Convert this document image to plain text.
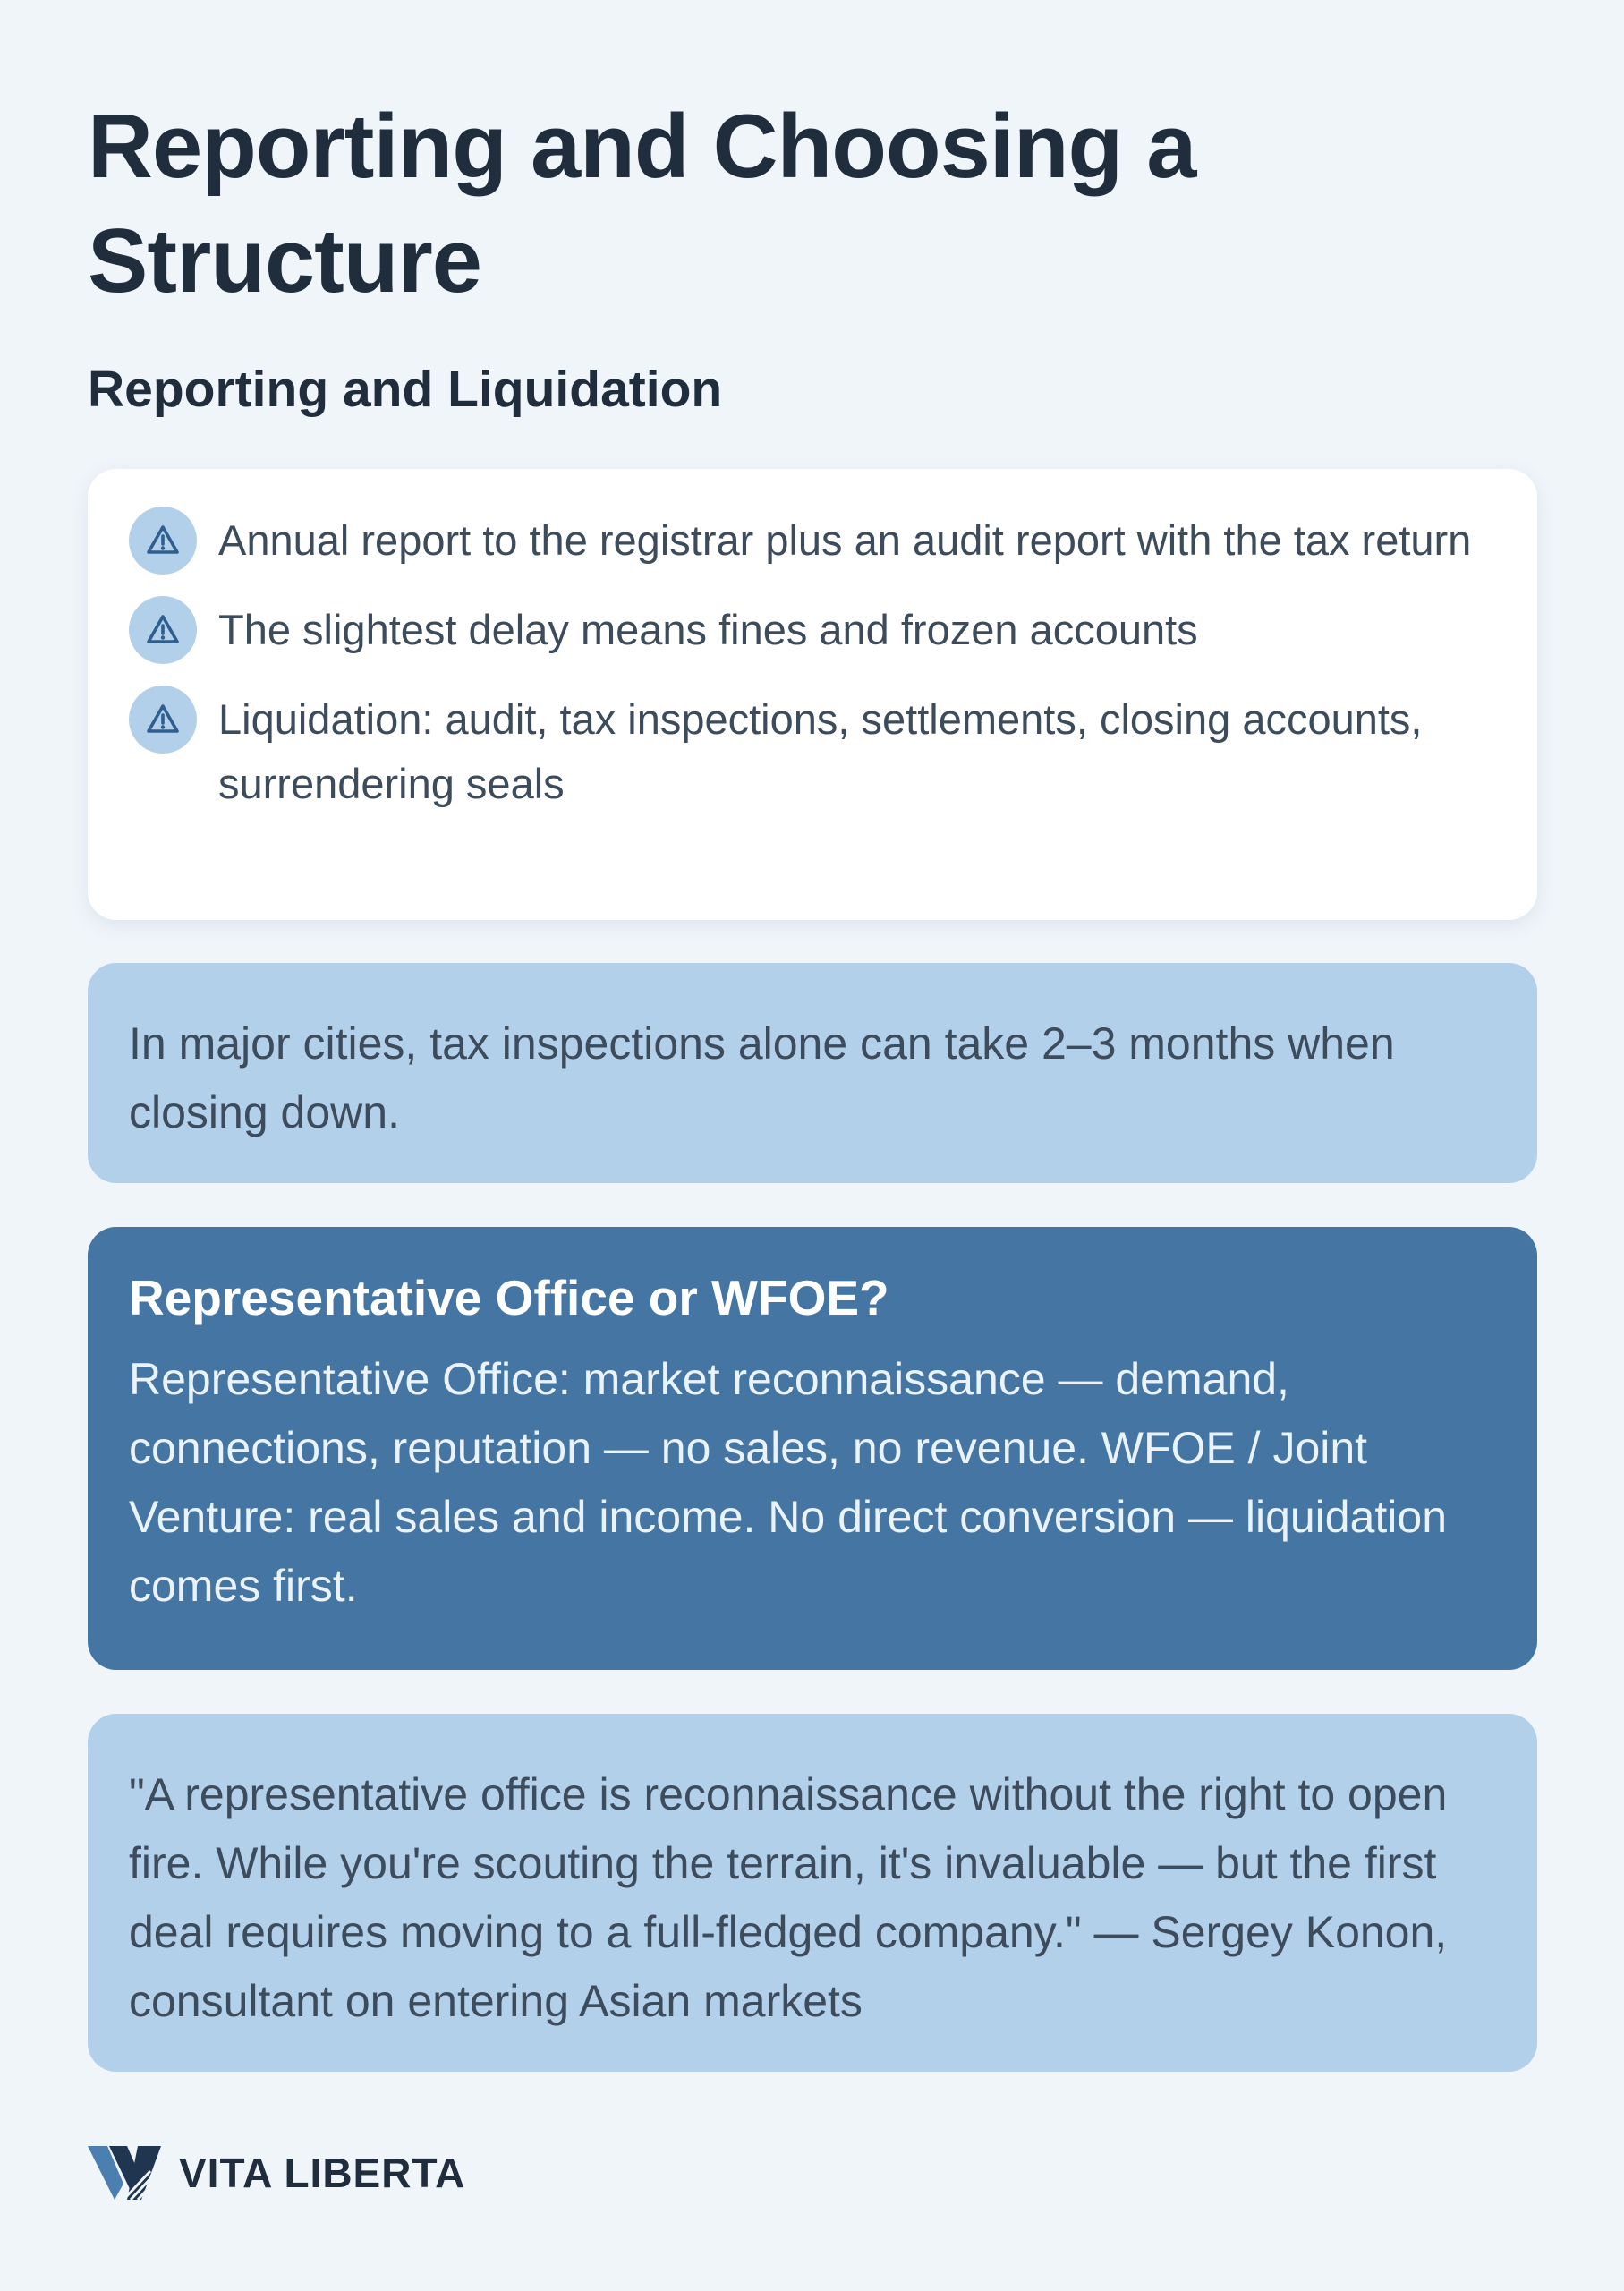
Reporting and Choosing a Structure
Reporting and Liquidation
Annual report to the registrar plus an audit report with the tax return
The slightest delay means fines and frozen accounts
Liquidation: audit, tax inspections, settlements, closing accounts, surrendering seals
In major cities, tax inspections alone can take 2–3 months when closing down.
Representative Office or WFOE?
Representative Office: market reconnaissance — demand, connections, reputation — no sales, no revenue. WFOE / Joint Venture: real sales and income. No direct conversion — liquidation comes first.
"A representative office is reconnaissance without the right to open fire. While you're scouting the terrain, it's invaluable — but the first deal requires moving to a full-fledged company." — Sergey Konon, consultant on entering Asian markets
VITA LIBERTA
